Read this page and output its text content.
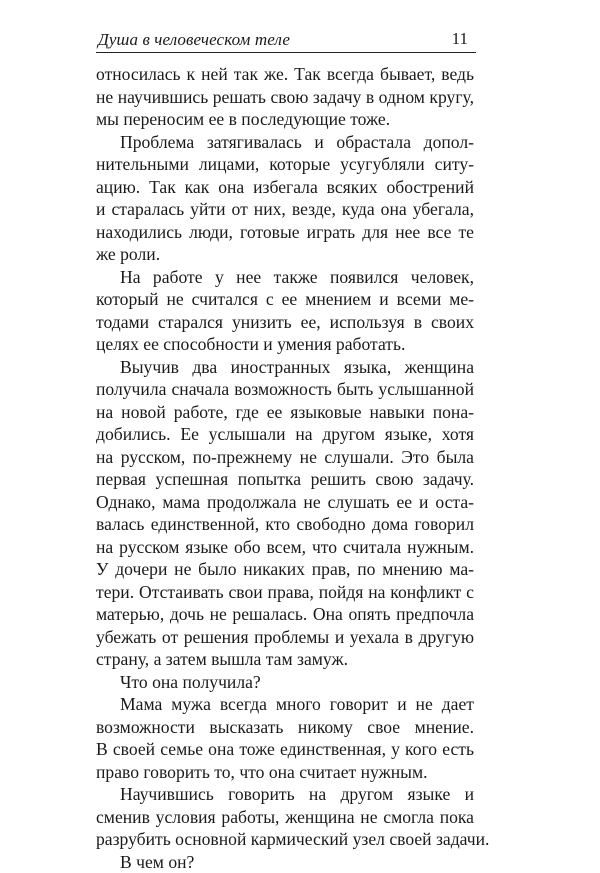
Душа в человеческом теле	11
относилась к ней так же. Так всегда бывает, ведь
не научившись решать свою задачу в одном кругу,
мы переносим ее в последующие тоже.
Проблема затягивалась и обрастала допол-
нительными лицами, которые усугубляли ситу-
ацию. Так как она избегала всяких обострений
и старалась уйти от них, везде, куда она убегала,
находились люди, готовые играть для нее все те
же роли.
На работе у нее также появился человек,
который не считался с ее мнением и всеми ме-
тодами старался унизить ее, используя в своих
целях ее способности и умения работать.
Выучив два иностранных языка, женщина
получила сначала возможность быть услышанной
на новой работе, где ее языковые навыки пона-
добились. Ее услышали на другом языке, хотя
на русском, по-прежнему не слушали. Это была
первая успешная попытка решить свою задачу.
Однако, мама продолжала не слушать ее и оста-
валась единственной, кто свободно дома говорил
на русском языке обо всем, что считала нужным.
У дочери не было никаких прав, по мнению ма-
тери. Отстаивать свои права, пойдя на конфликт с
матерью, дочь не решалась. Она опять предпочла
убежать от решения проблемы и уехала в другую
страну, а затем вышла там замуж.
Что она получила?
Мама мужа всегда много говорит и не дает
возможности высказать никому свое мнение.
В своей семье она тоже единственная, у кого есть
право говорить то, что она считает нужным.
Научившись говорить на другом языке и
сменив условия работы, женщина не смогла пока
разрубить основной кармический узел своей задачи.
В чем он?
